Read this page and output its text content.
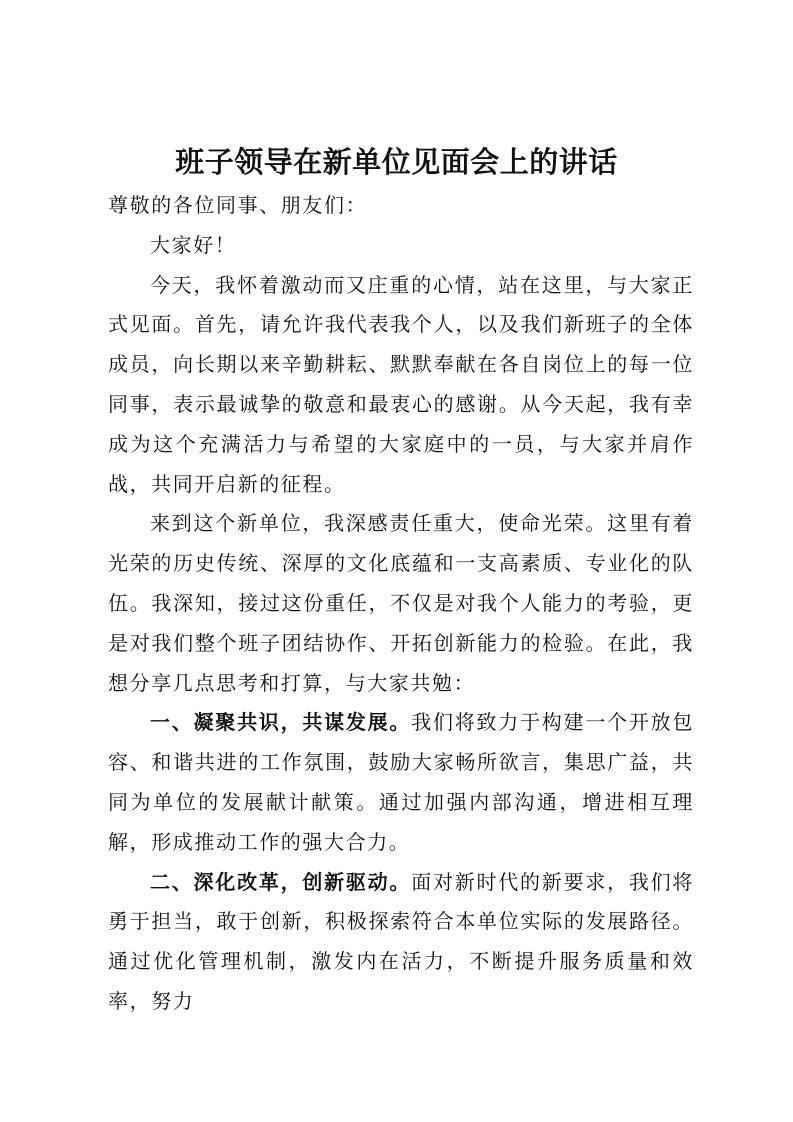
班子领导在新单位见面会上的讲话

尊敬的各位同事、朋友们：

大家好！

今天，我怀着激动而又庄重的心情，站在这里，与大家正式见面。首先，请允许我代表我个人，以及我们新班子的全体成员，向长期以来辛勤耕耘、默默奉献在各自岗位上的每一位同事，表示最诚挚的敬意和最衷心的感谢。从今天起，我有幸成为这个充满活力与希望的大家庭中的一员，与大家并肩作战，共同开启新的征程。

来到这个新单位，我深感责任重大，使命光荣。这里有着光荣的历史传统、深厚的文化底蕴和一支高素质、专业化的队伍。我深知，接过这份重任，不仅是对我个人能力的考验，更是对我们整个班子团结协作、开拓创新能力的检验。在此，我想分享几点思考和打算，与大家共勉：

一、凝聚共识，共谋发展。我们将致力于构建一个开放包容、和谐共进的工作氛围，鼓励大家畅所欲言，集思广益，共同为单位的发展献计献策。通过加强内部沟通，增进相互理解，形成推动工作的强大合力。

二、深化改革，创新驱动。面对新时代的新要求，我们将勇于担当，敢于创新，积极探索符合本单位实际的发展路径。通过优化管理机制，激发内在活力，不断提升服务质量和效率，努力
